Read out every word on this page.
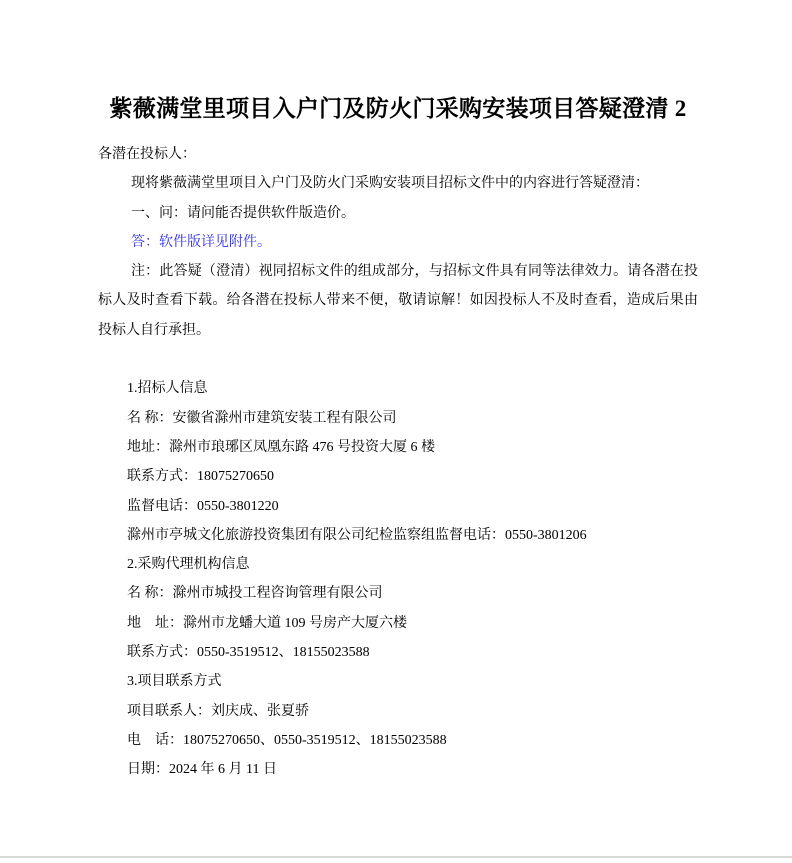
紫薇满堂里项目入户门及防火门采购安装项目答疑澄清 2

各潜在投标人：

现将紫薇满堂里项目入户门及防火门采购安装项目招标文件中的内容进行答疑澄清：

一、问：请问能否提供软件版造价。

答：软件版详见附件。

注：此答疑（澄清）视同招标文件的组成部分，与招标文件具有同等法律效力。请各潜在投标人及时查看下载。给各潜在投标人带来不便，敬请谅解！如因投标人不及时查看，造成后果由投标人自行承担。

1.招标人信息

名 称：安徽省滁州市建筑安装工程有限公司

地址：滁州市琅琊区凤凰东路 476 号投资大厦 6 楼

联系方式：18075270650

监督电话：0550-3801220

滁州市亭城文化旅游投资集团有限公司纪检监察组监督电话：0550-3801206

2.采购代理机构信息

名 称：滁州市城投工程咨询管理有限公司

地　址：滁州市龙蟠大道 109 号房产大厦六楼

联系方式：0550-3519512、18155023588

3.项目联系方式

项目联系人：刘庆成、张夏骄

电　话：18075270650、0550-3519512、18155023588

日期：2024 年 6 月 11 日
